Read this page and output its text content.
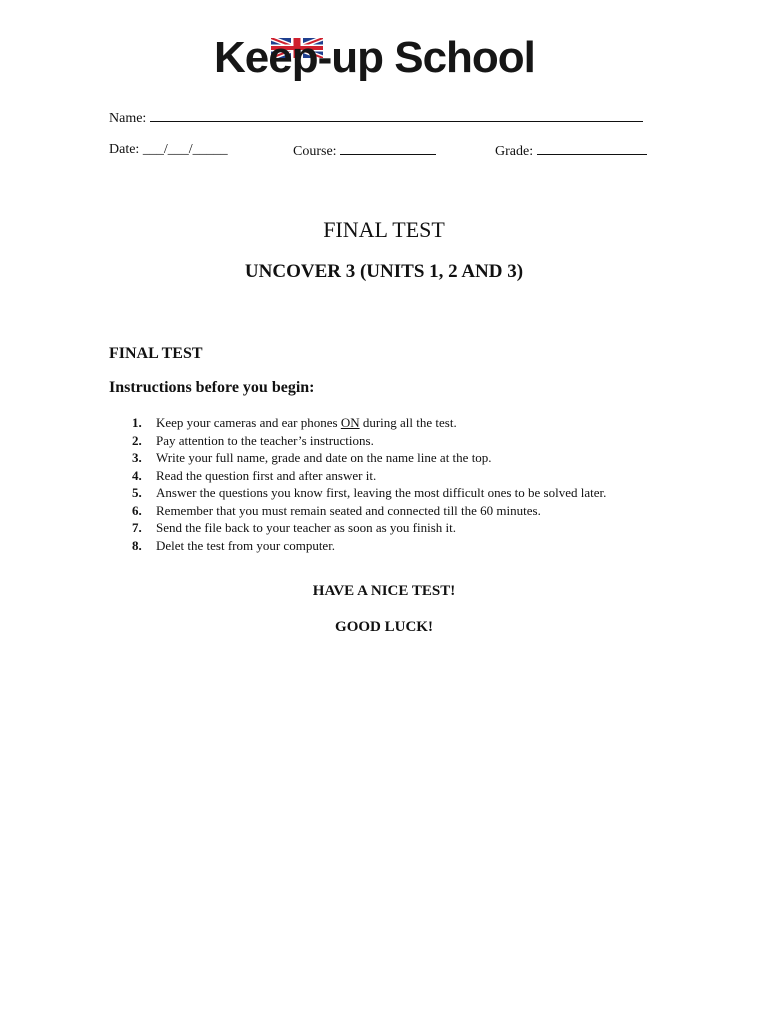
Keep-up School
Name:
Date: ___/___/_____	Course:	Grade:
FINAL TEST
UNCOVER 3 (UNITS 1, 2 AND 3)

FINAL TEST

Instructions before you begin:

1. Keep your cameras and ear phones ON during all the test.
2. Pay attention to the teacher’s instructions.
3. Write your full name, grade and date on the name line at the top.
4. Read the question first and after answer it.
5. Answer the questions you know first, leaving the most difficult ones to be solved later.
6. Remember that you must remain seated and connected till the 60 minutes.
7. Send the file back to your teacher as soon as you finish it.
8. Delet the test from your computer.

HAVE A NICE TEST!

GOOD LUCK!
